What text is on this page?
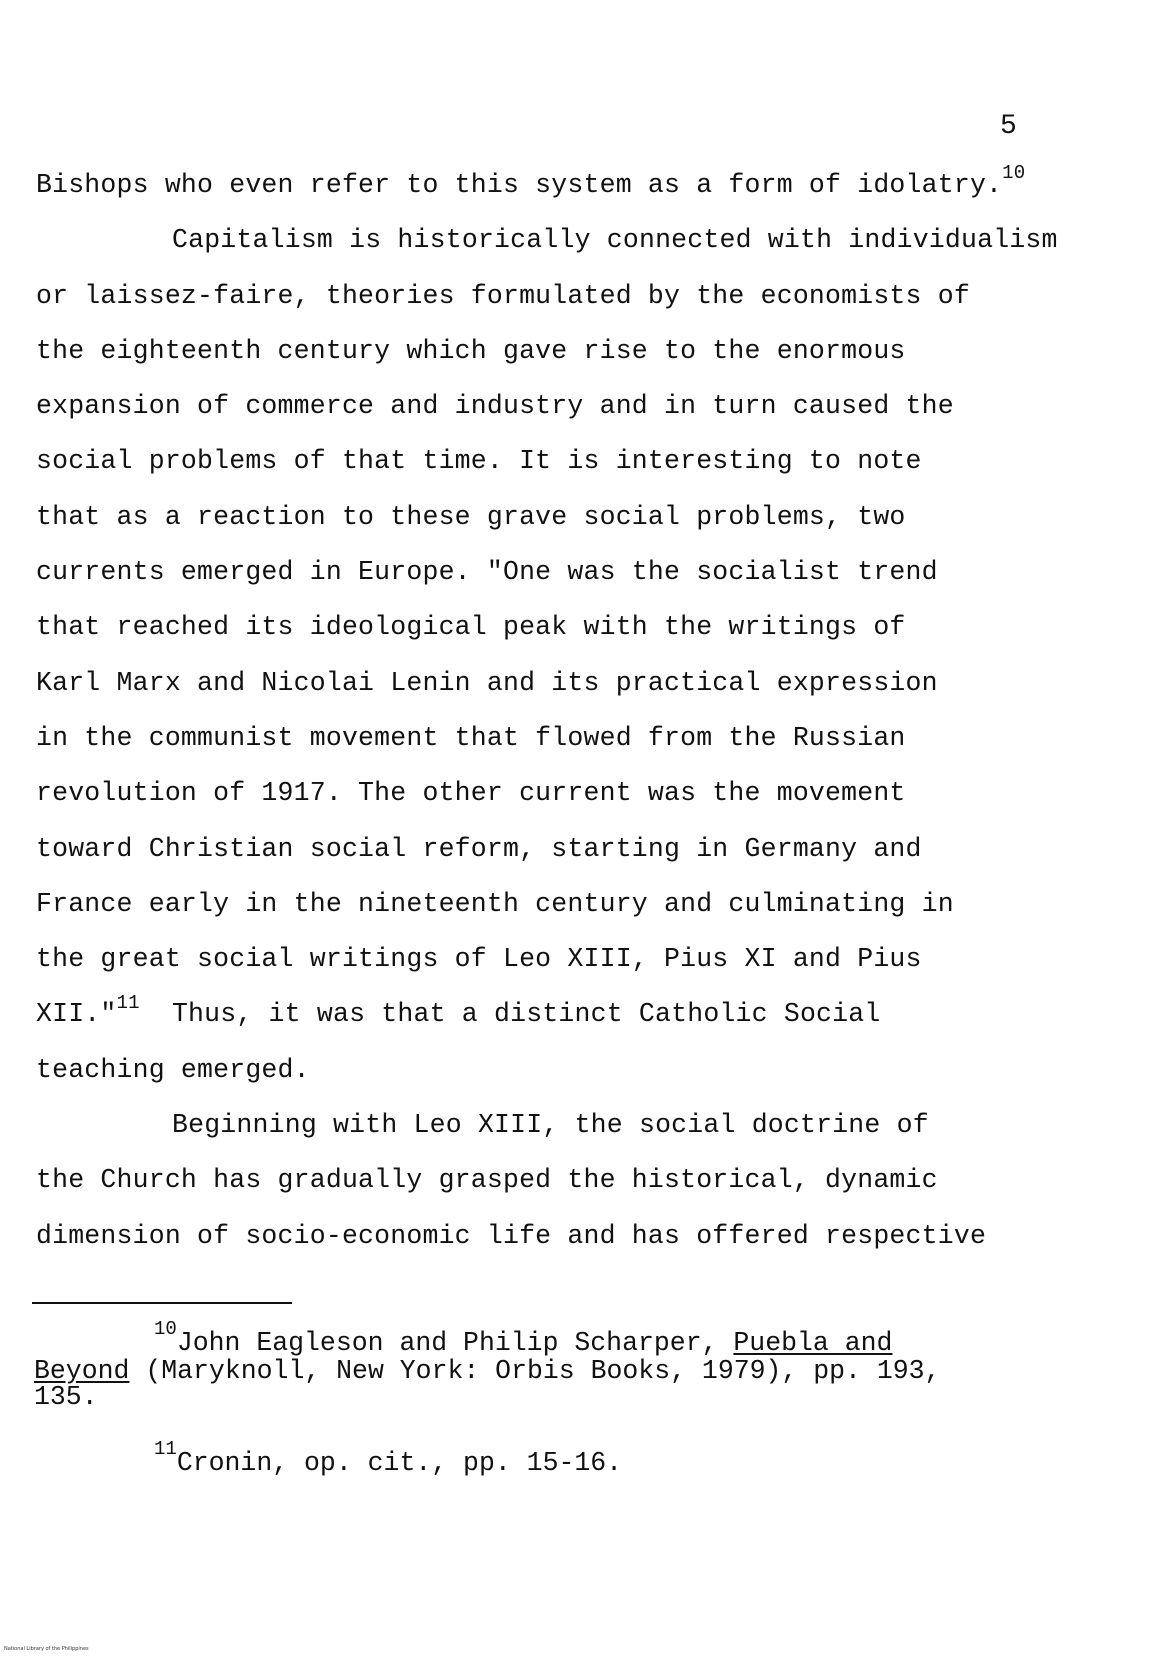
5
Bishops who even refer to this system as a form of idolatry.$^{10}$
Capitalism is historically connected with individualism
or laissez-faire, theories formulated by the economists of
the eighteenth century which gave rise to the enormous
expansion of commerce and industry and in turn caused the
social problems of that time. It is interesting to note
that as a reaction to these grave social problems, two
currents emerged in Europe. "One was the socialist trend
that reached its ideological peak with the writings of
Karl Marx and Nicolai Lenin and its practical expression
in the communist movement that flowed from the Russian
revolution of 1917. The other current was the movement
toward Christian social reform, starting in Germany and
France early in the nineteenth century and culminating in
the great social writings of Leo XIII, Pius XI and Pius
XII."$^{11}$  Thus, it was that a distinct Catholic Social
teaching emerged.
Beginning with Leo XIII, the social doctrine of
the Church has gradually grasped the historical, dynamic
dimension of socio-economic life and has offered respective
$^{10}$John Eagleson and Philip Scharper, Puebla and
Beyond (Maryknoll, New York: Orbis Books, 1979), pp. 193,
135.
$^{11}$Cronin, op. cit., pp. 15-16.
National Library of the Philippines
